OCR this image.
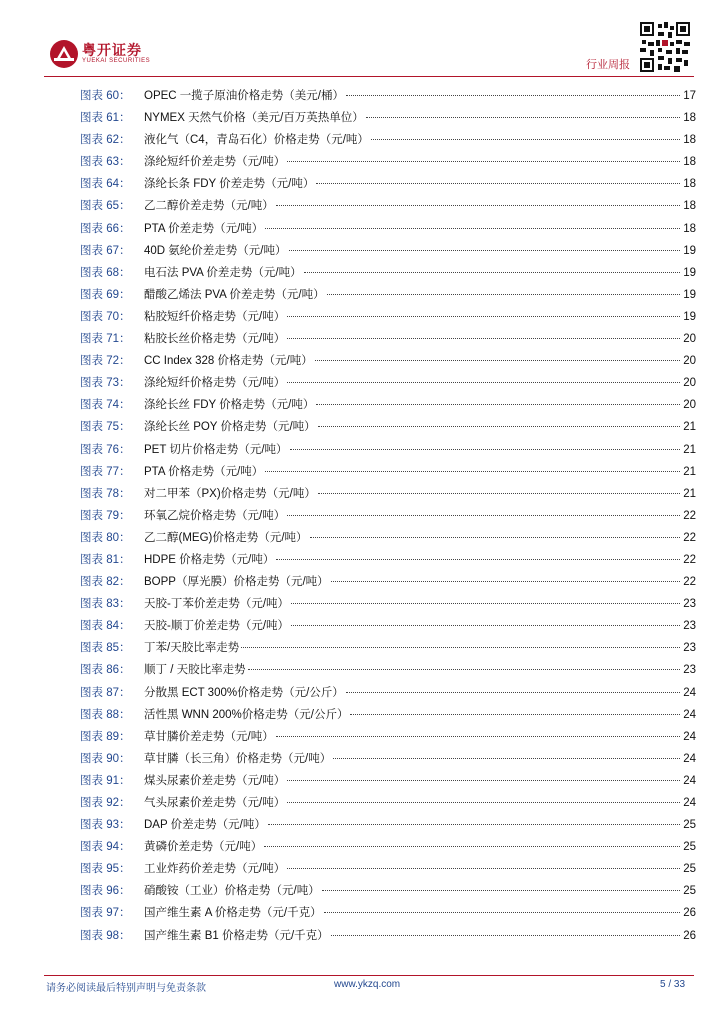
粤开证券
YUEKAI SECURITIES	行业周报
图表 60：	OPEC 一揽子原油价格走势（美元/桶）	17
图表 61：	NYMEX 天然气价格（美元/百万英热单位）	18
图表 62：	液化气（C4，青岛石化）价格走势（元/吨）	18
图表 63：	涤纶短纤价差走势（元/吨）	18
图表 64：	涤纶长条 FDY 价差走势（元/吨）	18
图表 65：	乙二醇价差走势（元/吨）	18
图表 66：	PTA 价差走势（元/吨）	18
图表 67：	40D 氨纶价差走势（元/吨）	19
图表 68：	电石法 PVA 价差走势（元/吨）	19
图表 69：	醋酸乙烯法 PVA 价差走势（元/吨）	19
图表 70：	粘胶短纤价格走势（元/吨）	19
图表 71：	粘胶长丝价格走势（元/吨）	20
图表 72：	CC Index 328 价格走势（元/吨）	20
图表 73：	涤纶短纤价格走势（元/吨）	20
图表 74：	涤纶长丝 FDY 价格走势（元/吨）	20
图表 75：	涤纶长丝 POY 价格走势（元/吨）	21
图表 76：	PET 切片价格走势（元/吨）	21
图表 77：	PTA 价格走势（元/吨）	21
图表 78：	对二甲苯（PX)价格走势（元/吨）	21
图表 79：	环氧乙烷价格走势（元/吨）	22
图表 80：	乙二醇(MEG)价格走势（元/吨）	22
图表 81：	HDPE 价格走势（元/吨）	22
图表 82：	BOPP（厚光膜）价格走势（元/吨）	22
图表 83：	天胶-丁苯价差走势（元/吨）	23
图表 84：	天胶-顺丁价差走势（元/吨）	23
图表 85：	丁苯/天胶比率走势	23
图表 86：	顺丁 / 天胶比率走势	23
图表 87：	分散黑 ECT 300%价格走势（元/公斤）	24
图表 88：	活性黑 WNN 200%价格走势（元/公斤）	24
图表 89：	草甘膦价差走势（元/吨）	24
图表 90：	草甘膦（长三角）价格走势（元/吨）	24
图表 91：	煤头尿素价差走势（元/吨）	24
图表 92：	气头尿素价差走势（元/吨）	24
图表 93：	DAP 价差走势（元/吨）	25
图表 94：	黄磷价差走势（元/吨）	25
图表 95：	工业炸药价差走势（元/吨）	25
图表 96：	硝酸铵（工业）价格走势（元/吨）	25
图表 97：	国产维生素 A 价格走势（元/千克）	26
图表 98：	国产维生素 B1 价格走势（元/千克）	26
请务必阅读最后特别声明与免责条款	www.ykzq.com	5 / 33
